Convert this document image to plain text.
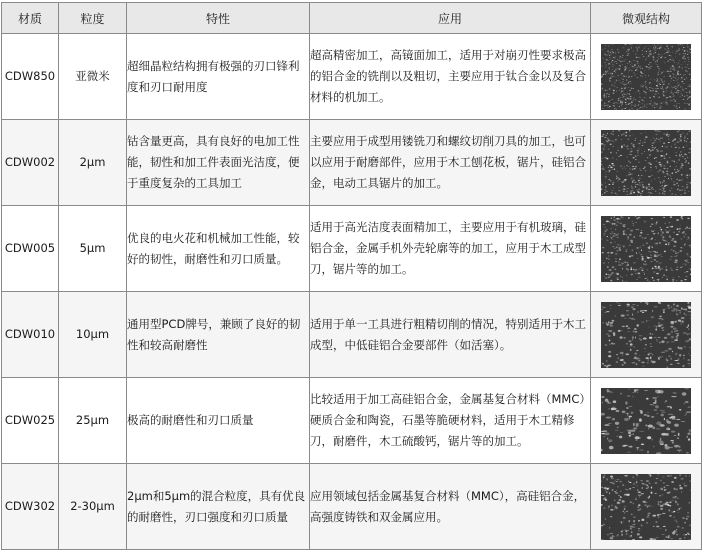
材质	粒度	特性	应用	微观结构
CDW850	亚微米	超细晶粒结构拥有极强的刃口锋利度和刃口耐用度	超高精密加工，高镜面加工，适用于对崩刃性要求极高的铝合金的铣削以及粗切，主要应用于钛合金以及复合材料的机加工。	

CDW002	2μm	钴含量更高，具有良好的电加工性能，韧性和加工件表面光洁度，便于重度复杂的工具加工	主要应用于成型用镂铣刀和螺纹切削刀具的加工，也可以应用于耐磨部件，应用于木工刨花板，锯片，硅铝合金，电动工具锯片的加工。	

CDW005	5μm	优良的电火花和机械加工性能，较好的韧性，耐磨性和刃口质量。	适用于高光洁度表面精加工，主要应用于有机玻璃，硅铝合金，金属手机外壳轮廓等的加工，应用于木工成型刀，锯片等的加工。	

CDW010	10μm	通用型PCD牌号，兼顾了良好的韧性和较高耐磨性	适用于单一工具进行粗精切削的情况，特别适用于木工成型，中低硅铝合金要部件（如活塞）。	

CDW025	25μm	极高的耐磨性和刃口质量	比较适用于加工高硅铝合金，金属基复合材料（MMC）硬质合金和陶瓷，石墨等脆硬材料，适用于木工精修刀，耐磨件，木工硫酸钙，锯片等的加工。	

CDW302	2-30μm	2μm和5μm的混合粒度，具有优良的耐磨性，刃口强度和刃口质量	应用领域包括金属基复合材料（MMC），高硅铝合金，高强度铸铁和双金属应用。	
